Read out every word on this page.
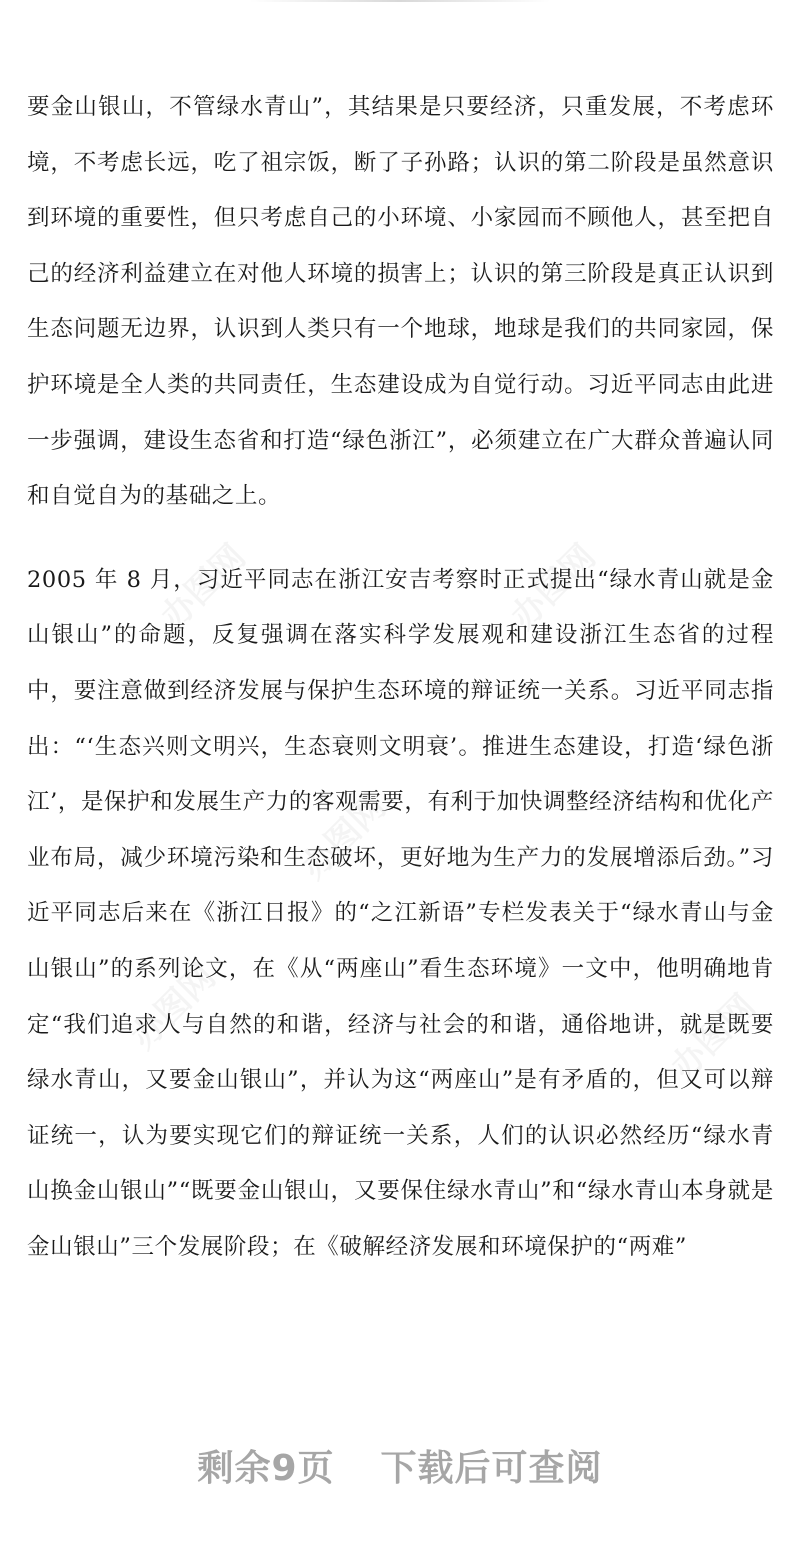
要金山银山，不管绿水青山”，其结果是只要经济，只重发展，不考虑环境，不考虑长远，吃了祖宗饭，断了子孙路；认识的第二阶段是虽然意识到环境的重要性，但只考虑自己的小环境、小家园而不顾他人，甚至把自己的经济利益建立在对他人环境的损害上；认识的第三阶段是真正认识到生态问题无边界，认识到人类只有一个地球，地球是我们的共同家园，保护环境是全人类的共同责任，生态建设成为自觉行动。习近平同志由此进一步强调，建设生态省和打造“绿色浙江”，必须建立在广大群众普遍认同和自觉自为的基础之上。

2005 年 8 月，习近平同志在浙江安吉考察时正式提出“绿水青山就是金山银山”的命题，反复强调在落实科学发展观和建设浙江生态省的过程中，要注意做到经济发展与保护生态环境的辩证统一关系。习近平同志指出：“‘生态兴则文明兴，生态衰则文明衰’。推进生态建设，打造‘绿色浙江’，是保护和发展生产力的客观需要，有利于加快调整经济结构和优化产业布局，减少环境污染和生态破坏，更好地为生产力的发展增添后劲。”习近平同志后来在《浙江日报》的“之江新语”专栏发表关于“绿水青山与金山银山”的系列论文，在《从“两座山”看生态环境》一文中，他明确地肯定“我们追求人与自然的和谐，经济与社会的和谐，通俗地讲，就是既要绿水青山，又要金山银山”，并认为这“两座山”是有矛盾的，但又可以辩证统一，认为要实现它们的辩证统一关系，人们的认识必然经历“绿水青山换金山银山”“既要金山银山，又要保住绿水青山”和“绿水青山本身就是金山银山”三个发展阶段；在《破解经济发展和环境保护的“两难”

剩余9页 下载后可查阅
